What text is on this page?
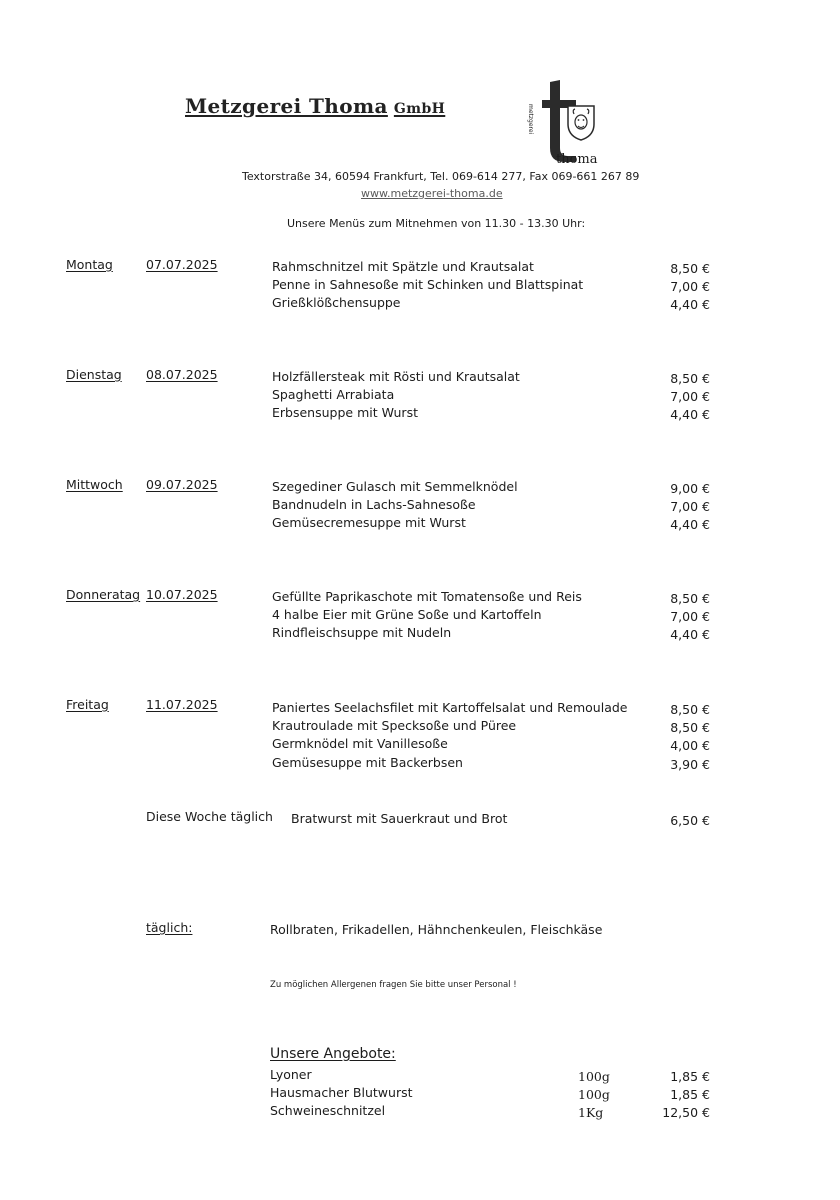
Metzgerei Thoma GmbH	metzgerei
thoma
Textorstraße 34, 60594 Frankfurt, Tel. 069-614 277, Fax 069-661 267 89
www.metzgerei-thoma.de
Unsere Menüs zum Mitnehmen von 11.30 - 13.30 Uhr:
Montag	07.07.2025	Rahmschnitzel mit Spätzle und Krautsalat	8,50 €
Penne in Sahnesoße mit Schinken und Blattspinat	7,00 €
Grießklößchensuppe	4,40 €
Dienstag 08.07.2025	Holzfällersteak mit Rösti und Krautsalat	8,50 €
Spaghetti Arrabiata	7,00 €
Erbsensuppe mit Wurst	4,40 €
Mittwoch 09.07.2025	Szegediner Gulasch mit Semmelknödel	9,00 €
Bandnudeln in Lachs-Sahnesoße	7,00 €
Gemüsecremesuppe mit Wurst	4,40 €
Donneratag 10.07.2025	Gefüllte Paprikaschote mit Tomatensoße und Reis	8,50 €
4 halbe Eier mit Grüne Soße und Kartoffeln	7,00 €
Rindfleischsuppe mit Nudeln	4,40 €
Freitag	11.07.2025	Paniertes Seelachsfilet mit Kartoffelsalat und Remoulade	8,50 €
Krautroulade mit Specksoße und Püree	8,50 €
Germknödel mit Vanillesoße	4,00 €
Gemüsesuppe mit Backerbsen	3,90 €
Diese Woche täglich Bratwurst mit Sauerkraut und Brot	6,50 €
täglich:	Rollbraten, Frikadellen, Hähnchenkeulen, Fleischkäse
Zu möglichen Allergenen fragen Sie bitte unser Personal !
Unsere Angebote:
Lyoner	100g	1,85 €
Hausmacher Blutwurst	100g	1,85 €
Schweineschnitzel	1Kg	12,50 €
